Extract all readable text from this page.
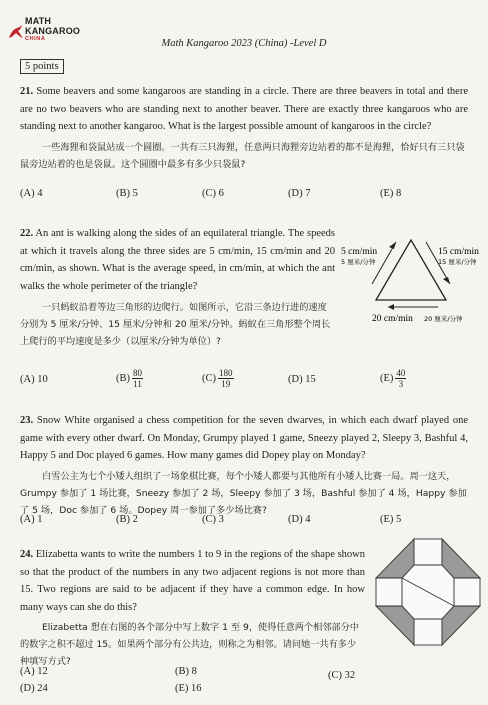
MATH
KANGAROO
CHINA	Math Kangaroo 2023 (China) -Level D
5 points

21. Some beavers and some kangaroos are standing in a circle. There are three beavers in total and there are no two beavers who are standing next to another beaver. There are exactly three kangaroos who are standing next to another kangaroo. What is the largest possible amount of kangaroos in the circle?

一些海狸和袋鼠站成一个圆圈。一共有三只海狸，任意两只海狸旁边站着的都不是海狸，恰好只有三只袋鼠旁边站着的也是袋鼠。这个圆圈中最多有多少只袋鼠?

(A) 4	(B) 5	(C) 6	(D) 7	(E) 8

22. An ant is walking along the sides of an equilateral triangle. The speeds at which it travels along the three sides are 5 cm/min, 15 cm/min and 20 cm/min, as shown. What is the average speed, in cm/min, at which the ant walks the whole perimeter of the triangle?

一只蚂蚁沿着等边三角形的边爬行。如图所示，它沿三条边行进的速度分别为 5 厘米/分钟、15 厘米/分钟和 20 厘米/分钟。蚂蚁在三角形整个周长上爬行的平均速度是多少（以厘米/分钟为单位）?

5 cm/min
5 厘米/分钟
15 cm/min
15 厘米/分钟
20 cm/min 20 厘米/分钟
(A) 10	$(B) \frac{80}{11}$	$(C) \frac{180}{19}$	(D) 15	$(E) \frac{40}{3}$

23. Snow White organised a chess competition for the seven dwarves, in which each dwarf played one game with every other dwarf. On Monday, Grumpy played 1 game, Sneezy played 2, Sleepy 3, Bashful 4, Happy 5 and Doc played 6 games. How many games did Dopey play on Monday?

白雪公主为七个小矮人组织了一场象棋比赛，每个小矮人都要与其他所有小矮人比赛一局。周一这天，Grumpy 参加了 1 场比赛，Sneezy 参加了 2 场，Sleepy 参加了 3 场，Bashful 参加了 4 场，Happy 参加了 5 场，Doc 参加了 6 场。Dopey 周一参加了多少场比赛?

(A) 1	(B) 2	(C) 3	(D) 4	(E) 5

24. Elizabetta wants to write the numbers 1 to 9 in the regions of the shape shown so that the product of the numbers in any two adjacent regions is not more than 15. Two regions are said to be adjacent if they have a common edge. In how many ways can she do this?

Elizabetta 想在右图的各个部分中写上数字 1 至 9，使得任意两个相邻部分中的数字之积不超过 15。如果两个部分有公共边，则称之为相邻。请问她一共有多少种填写方式?

(A) 12	(B) 8	(C) 32
(D) 24	(E) 16
